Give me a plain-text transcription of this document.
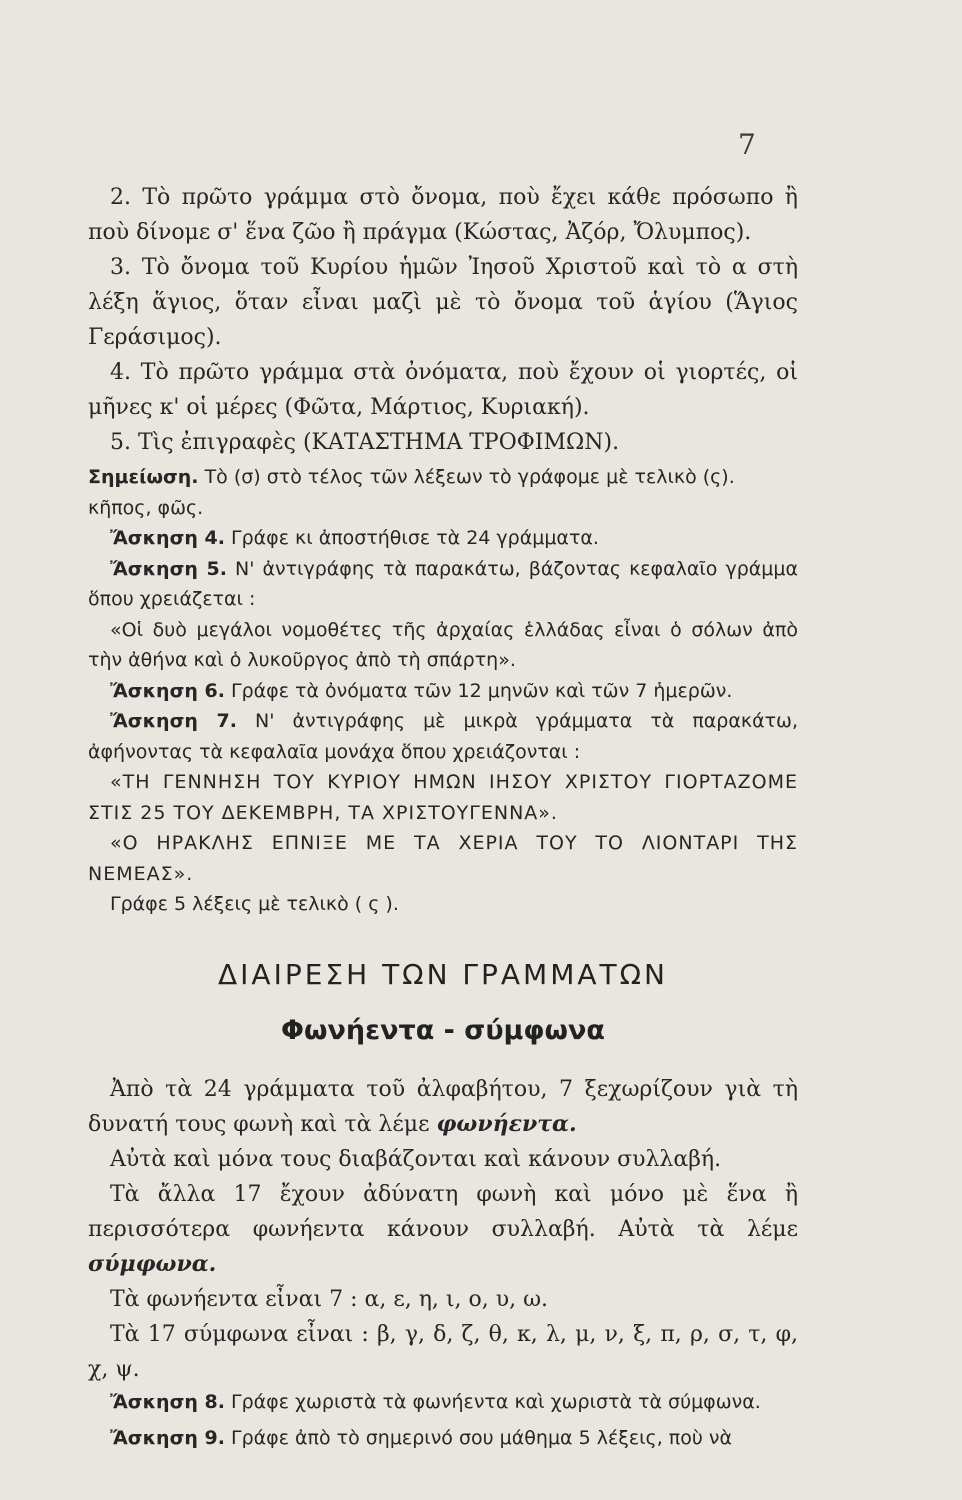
7

2. Τὸ πρῶτο γράμμα στὸ ὄνομα, ποὺ ἔχει κάθε πρόσωπο ἢ ποὺ δίνομε σ' ἕνα ζῶο ἢ πράγμα (Κώστας, Ἀζόρ, Ὄλυμπος).

3. Τὸ ὄνομα τοῦ Κυρίου ἡμῶν Ἰησοῦ Χριστοῦ καὶ τὸ α στὴ λέξη ἅγιος, ὅταν εἶναι μαζὶ μὲ τὸ ὄνομα τοῦ ἁγίου (Ἅγιος Γεράσιμος).

4. Τὸ πρῶτο γράμμα στὰ ὀνόματα, ποὺ ἔχουν οἱ γιορτές, οἱ μῆνες κ' οἱ μέρες (Φῶτα, Μάρτιος, Κυριακή).

5. Τὶς ἐπιγραφὲς (ΚΑΤΑΣΤΗΜΑ ΤΡΟΦΙΜΩΝ).

Σημείωση. Τὸ (σ) στὸ τέλος τῶν λέξεων τὸ γράφομε μὲ τελικὸ (ς).

κῆπος, φῶς.

Ἄσκηση 4. Γράφε κι ἀποστήθισε τὰ 24 γράμματα.

Ἄσκηση 5. Ν' ἀντιγράφης τὰ παρακάτω, βάζοντας κεφαλαῖο γράμμα ὅπου χρειάζεται :

«Οἱ δυὸ μεγάλοι νομοθέτες τῆς ἀρχαίας ἑλλάδας εἶναι ὁ σόλων ἀπὸ τὴν ἀθήνα καὶ ὁ λυκοῦργος ἀπὸ τὴ σπάρτη».

Ἄσκηση 6. Γράφε τὰ ὀνόματα τῶν 12 μηνῶν καὶ τῶν 7 ἡμερῶν.

Ἄσκηση 7. Ν' ἀντιγράφης μὲ μικρὰ γράμματα τὰ παρακάτω, ἀφήνοντας τὰ κεφαλαῖα μονάχα ὅπου χρειάζονται :

«ΤΗ ΓΕΝΝΗΣΗ ΤΟΥ ΚΥΡΙΟΥ ΗΜΩΝ ΙΗΣΟΥ ΧΡΙΣΤΟΥ ΓΙΟΡΤΑΖΟΜΕ ΣΤΙΣ 25 ΤΟΥ ΔΕΚΕΜΒΡΗ, ΤΑ ΧΡΙΣΤΟΥΓΕΝΝΑ».

«Ο ΗΡΑΚΛΗΣ ΕΠΝΙΞΕ ΜΕ ΤΑ ΧΕΡΙΑ ΤΟΥ ΤΟ ΛΙΟΝΤΑΡΙ ΤΗΣ ΝΕΜΕΑΣ».

Γράφε 5 λέξεις μὲ τελικὸ ( ς ).

ΔΙΑΙΡΕΣΗ ΤΩΝ ΓΡΑΜΜΑΤΩΝ
Φωνήεντα - σύμφωνα

Ἀπὸ τὰ 24 γράμματα τοῦ ἀλφαβήτου, 7 ξεχωρίζουν γιὰ τὴ δυνατή τους φωνὴ καὶ τὰ λέμε φωνήεντα.

Αὐτὰ καὶ μόνα τους διαβάζονται καὶ κάνουν συλλαβή.

Τὰ ἄλλα 17 ἔχουν ἀδύνατη φωνὴ καὶ μόνο μὲ ἕνα ἢ περισσότερα φωνήεντα κάνουν συλλαβή. Αὐτὰ τὰ λέμε σύμφωνα.

Τὰ φωνήεντα εἶναι 7 : α, ε, η, ι, ο, υ, ω.

Τὰ 17 σύμφωνα εἶναι : β, γ, δ, ζ, θ, κ, λ, μ, ν, ξ, π, ρ, σ, τ, φ, χ, ψ.

Ἄσκηση 8. Γράφε χωριστὰ τὰ φωνήεντα καὶ χωριστὰ τὰ σύμφωνα.

Ἄσκηση 9. Γράφε ἀπὸ τὸ σημερινό σου μάθημα 5 λέξεις, ποὺ νὰ
